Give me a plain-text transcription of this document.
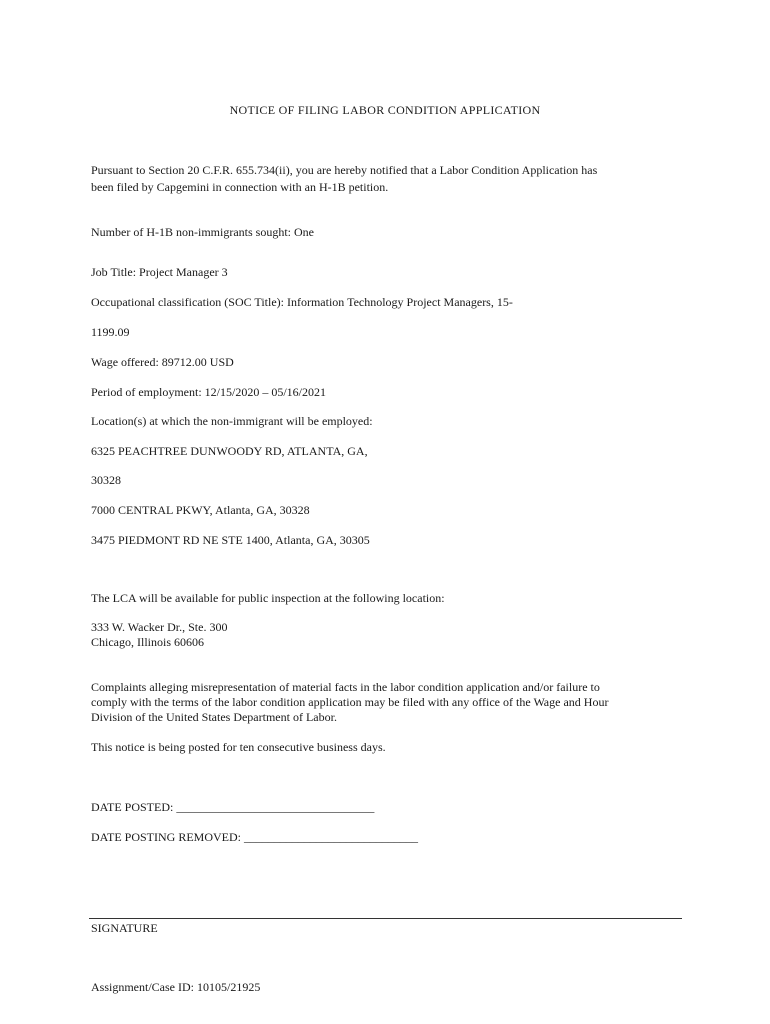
NOTICE OF FILING LABOR CONDITION APPLICATION
Pursuant to Section 20 C.F.R. 655.734(ii), you are hereby notified that a Labor Condition Application has
been filed by Capgemini in connection with an H-1B petition.
Number of H-1B non-immigrants sought: One
Job Title: Project Manager 3
Occupational classification (SOC Title): Information Technology Project Managers, 15-
1199.09
Wage offered: 89712.00 USD
Period of employment: 12/15/2020 – 05/16/2021
Location(s) at which the non-immigrant will be employed:
6325 PEACHTREE DUNWOODY RD, ATLANTA, GA,
30328
7000 CENTRAL PKWY, Atlanta, GA, 30328
3475 PIEDMONT RD NE STE 1400, Atlanta, GA, 30305
The LCA will be available for public inspection at the following location:
333 W. Wacker Dr., Ste. 300
Chicago, Illinois 60606
Complaints alleging misrepresentation of material facts in the labor condition application and/or failure to
comply with the terms of the labor condition application may be filed with any office of the Wage and Hour
Division of the United States Department of Labor.
This notice is being posted for ten consecutive business days.
DATE POSTED: _________________________________
DATE POSTING REMOVED: _____________________________
SIGNATURE
Assignment/Case ID: 10105/21925
